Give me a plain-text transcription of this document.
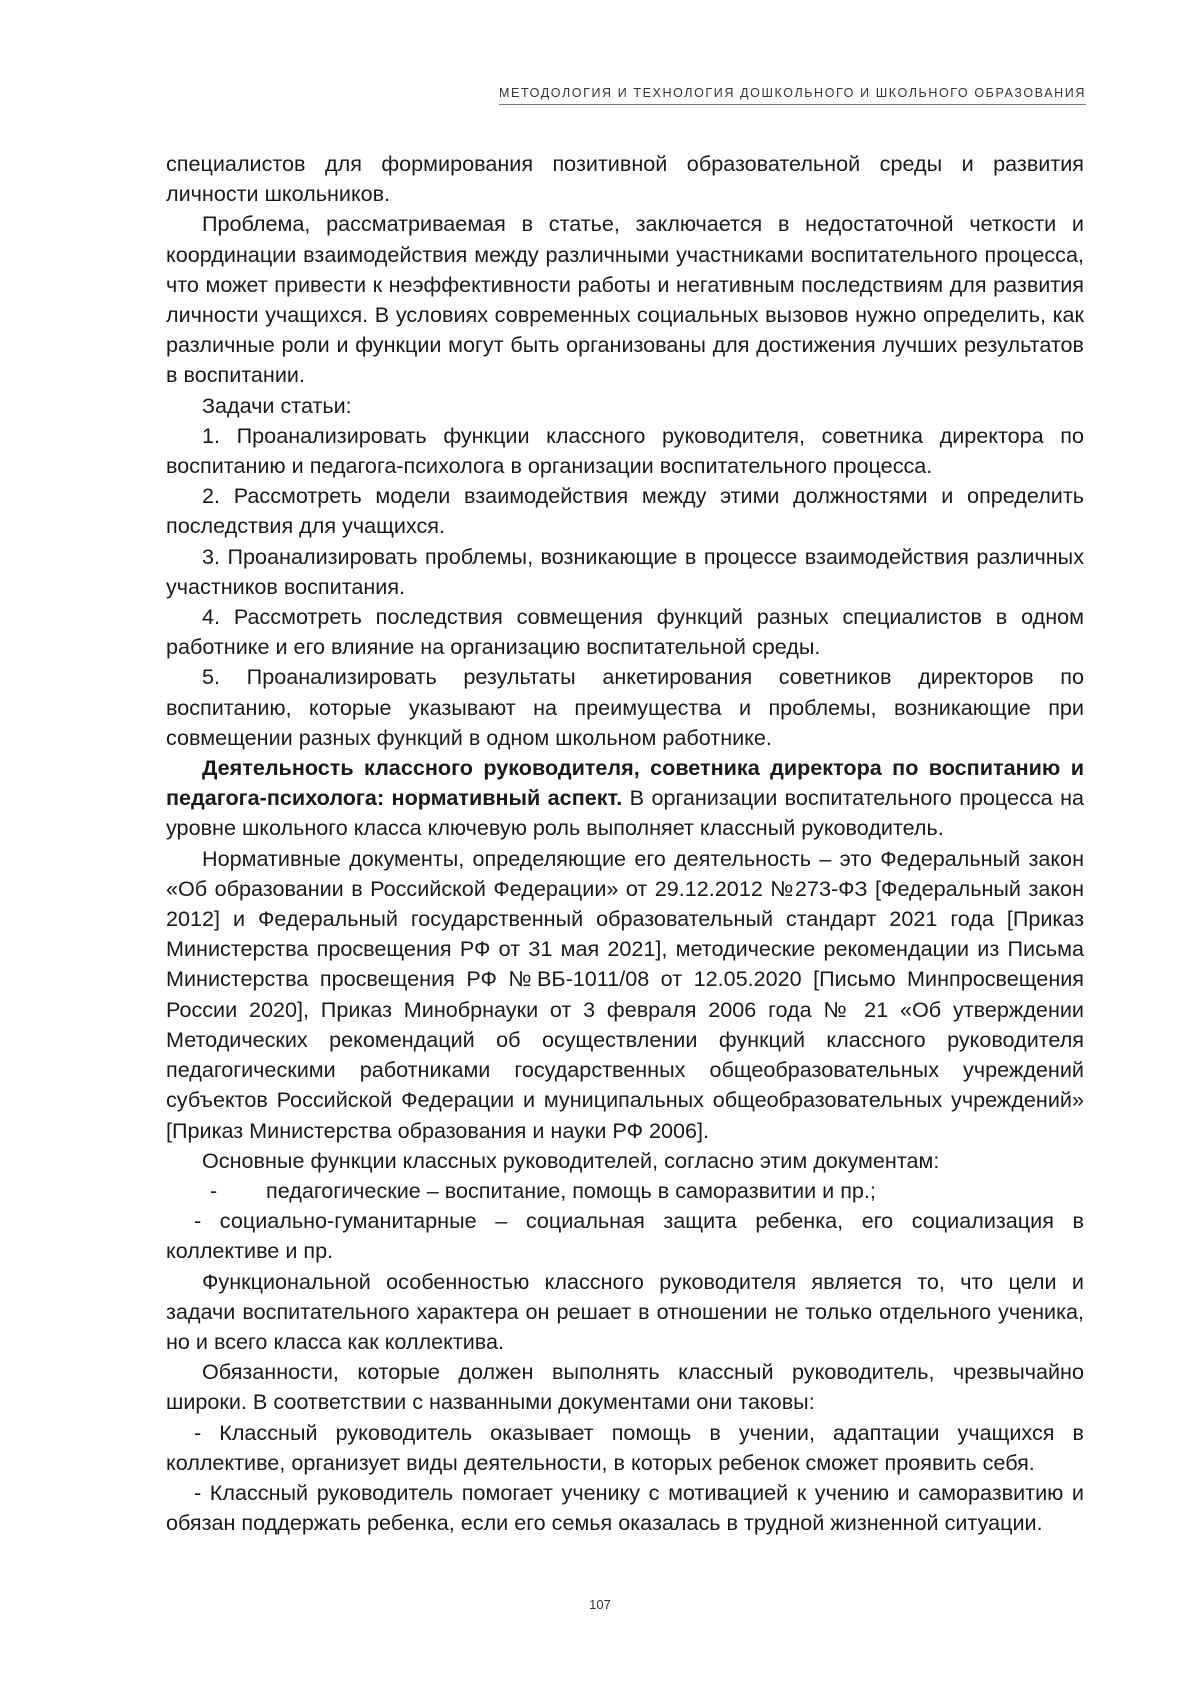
МЕТОДОЛОГИЯ И ТЕХНОЛОГИЯ ДОШКОЛЬНОГО И ШКОЛЬНОГО ОБРАЗОВАНИЯ

специалистов для формирования позитивной образовательной среды и развития личности школьников.

Проблема, рассматриваемая в статье, заключается в недостаточной четкости и координации взаимодействия между различными участниками воспитательного процесса, что может привести к неэффективности работы и негативным последствиям для развития личности учащихся. В условиях современных социальных вызовов нужно определить, как различные роли и функции могут быть организованы для достижения лучших результатов в воспитании.

Задачи статьи:

1. Проанализировать функции классного руководителя, советника директора по воспитанию и педагога-психолога в организации воспитательного процесса.

2. Рассмотреть модели взаимодействия между этими должностями и определить последствия для учащихся.

3. Проанализировать проблемы, возникающие в процессе взаимодействия различных участников воспитания.

4. Рассмотреть последствия совмещения функций разных специалистов в одном работнике и его влияние на организацию воспитательной среды.

5. Проанализировать результаты анкетирования советников директоров по воспитанию, которые указывают на преимущества и проблемы, возникающие при совмещении разных функций в одном школьном работнике.

Деятельность классного руководителя, советника директора по воспитанию и педагога-психолога: нормативный аспект. В организации воспитательного процесса на уровне школьного класса ключевую роль выполняет классный руководитель.

Нормативные документы, определяющие его деятельность – это Федеральный закон «Об образовании в Российской Федерации» от 29.12.2012 №273-ФЗ [Федеральный закон 2012] и Федеральный государственный образовательный стандарт 2021 года [Приказ Министерства просвещения РФ от 31 мая 2021], методические рекомендации из Письма Министерства просвещения РФ №ВБ-1011/08 от 12.05.2020 [Письмо Минпросвещения России 2020], Приказ Минобрнауки от 3 февраля 2006 года № 21 «Об утверждении Методических рекомендаций об осуществлении функций классного руководителя педагогическими работниками государственных общеобразовательных учреждений субъектов Российской Федерации и муниципальных общеобразовательных учреждений» [Приказ Министерства образования и науки РФ 2006].

Основные функции классных руководителей, согласно этим документам:

- педагогические – воспитание, помощь в саморазвитии и пр.;

- социально-гуманитарные – социальная защита ребенка, его социализация в коллективе и пр.

Функциональной особенностью классного руководителя является то, что цели и задачи воспитательного характера он решает в отношении не только отдельного ученика, но и всего класса как коллектива.

Обязанности, которые должен выполнять классный руководитель, чрезвычайно широки. В соответствии с названными документами они таковы:

- Классный руководитель оказывает помощь в учении, адаптации учащихся в коллективе, организует виды деятельности, в которых ребенок сможет проявить себя.

- Классный руководитель помогает ученику с мотивацией к учению и саморазвитию и обязан поддержать ребенка, если его семья оказалась в трудной жизненной ситуации.

107
